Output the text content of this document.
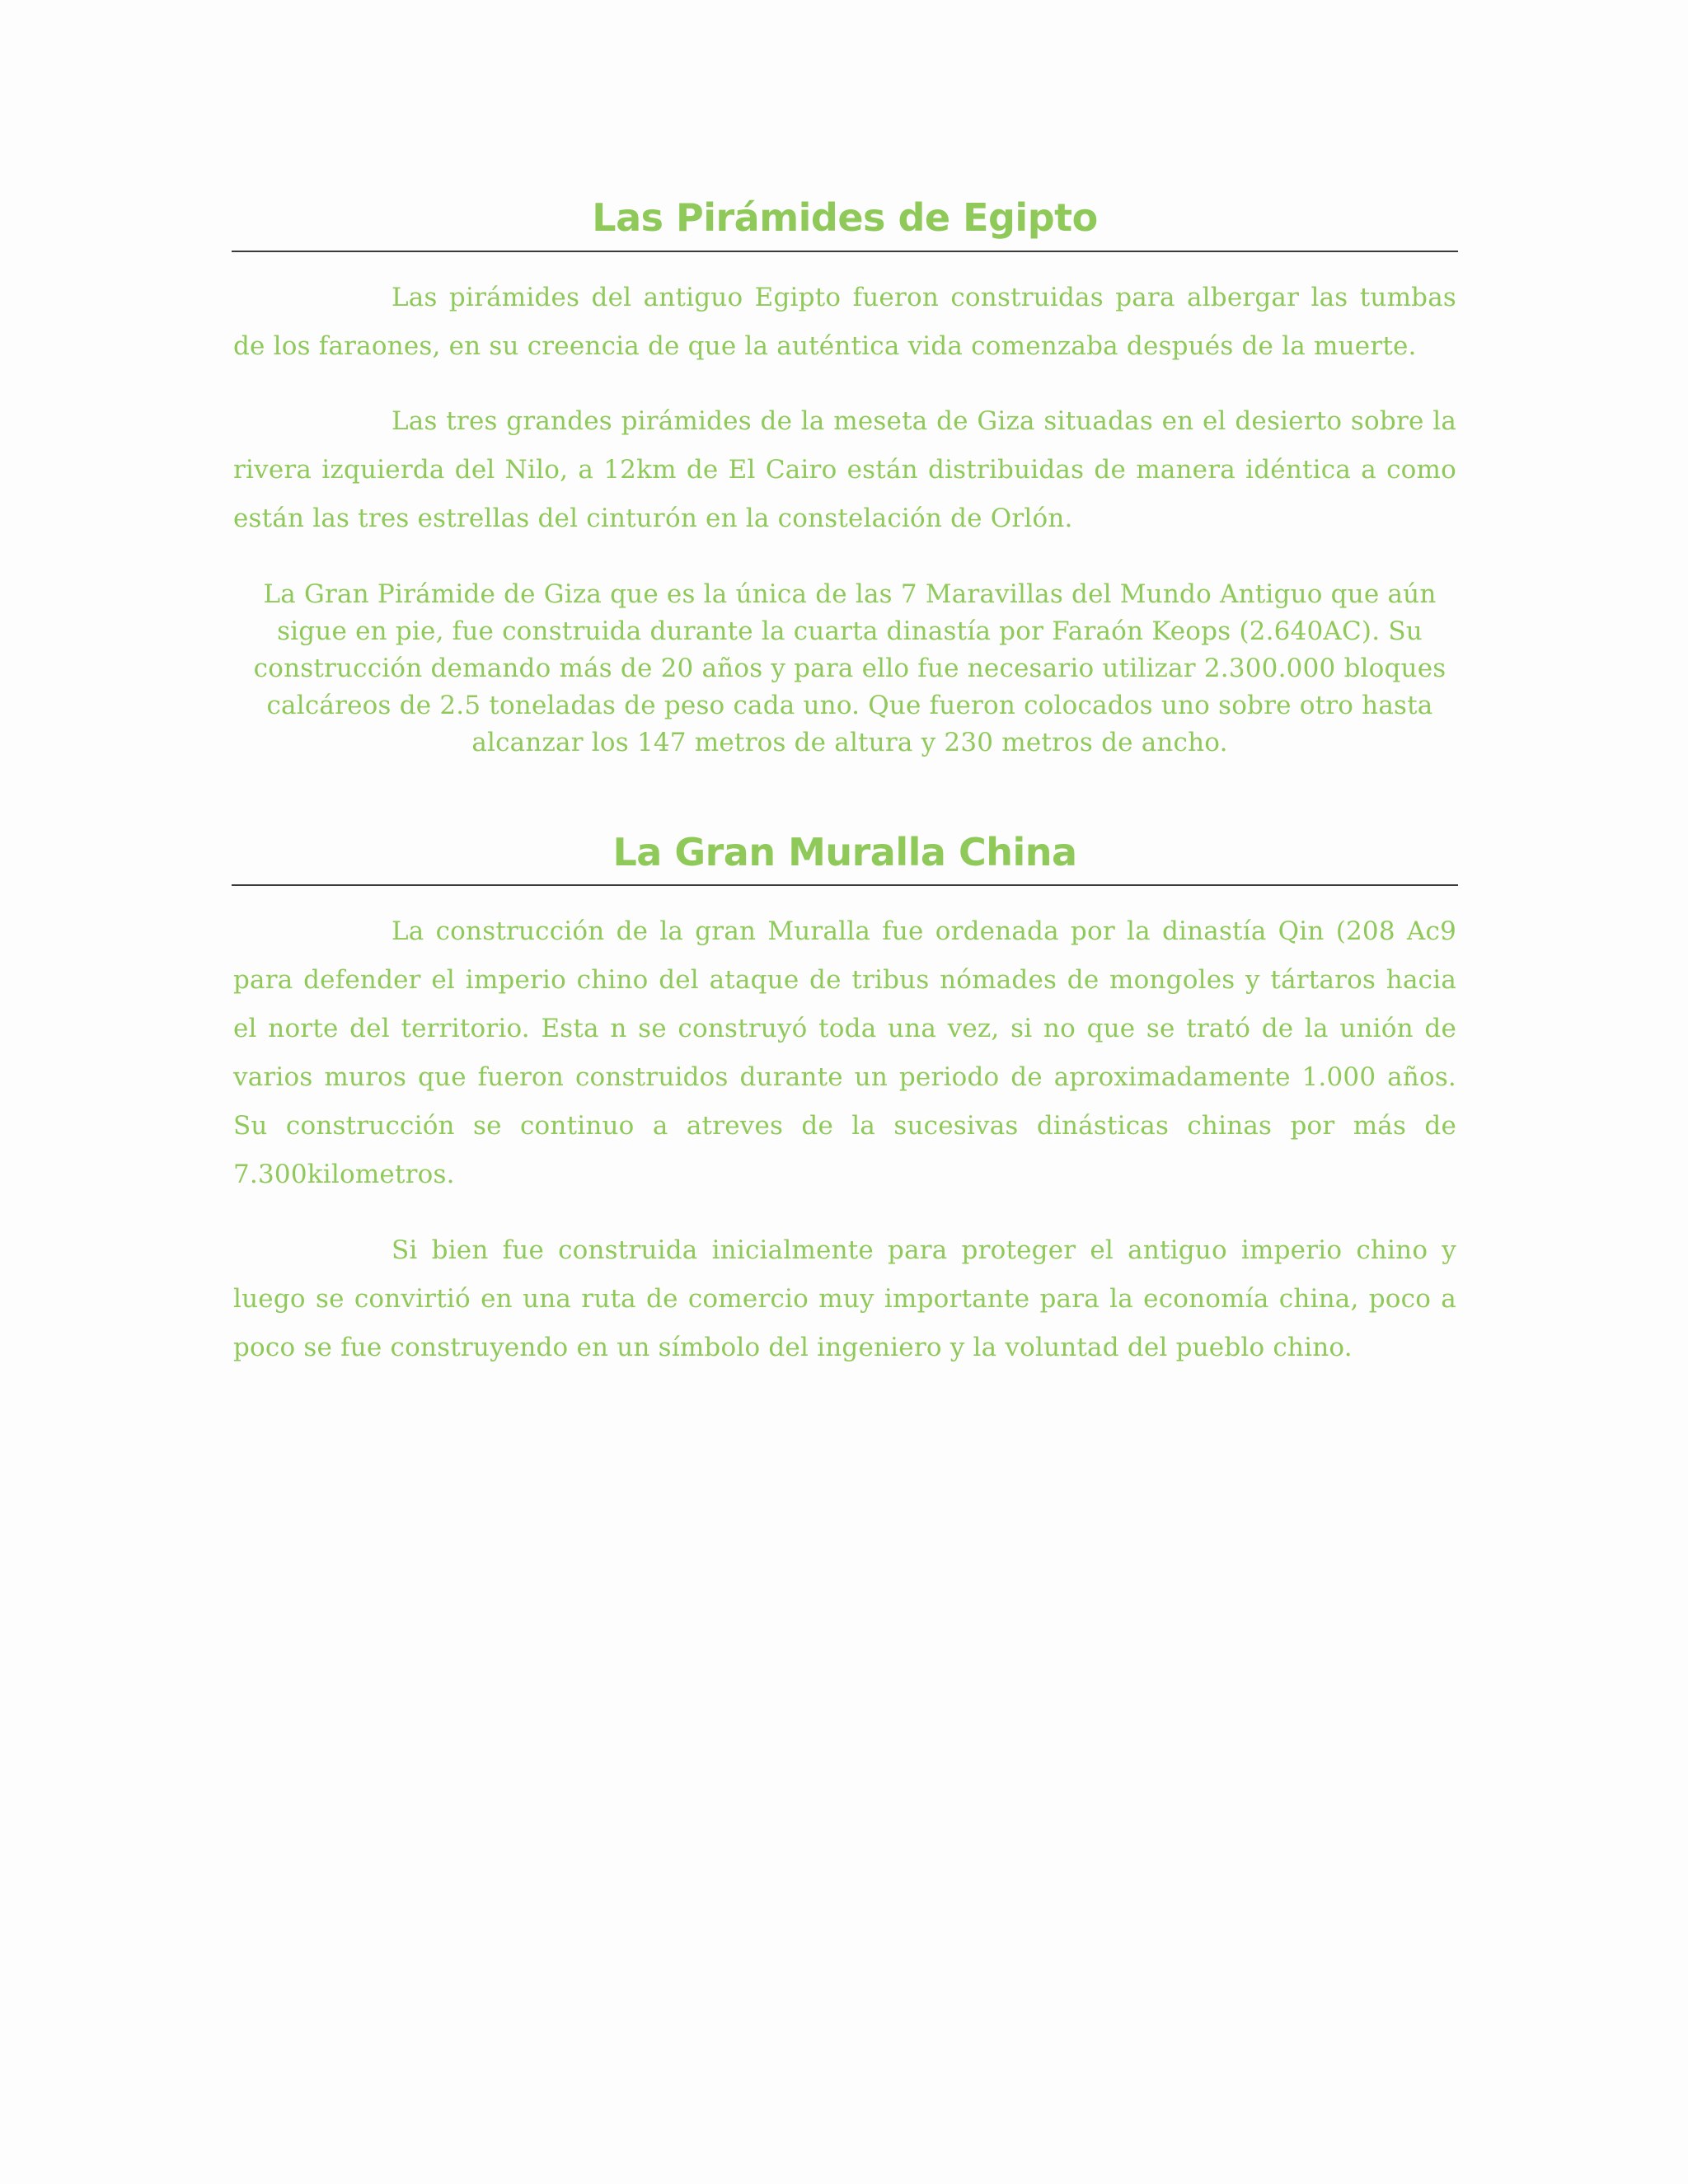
Las Pirámides de Egipto

Las pirámides del antiguo Egipto fueron construidas para albergar las tumbas de los faraones, en su creencia de que la auténtica vida comenzaba después de la muerte.

Las tres grandes pirámides de la meseta de Giza situadas en el desierto sobre la rivera izquierda del Nilo, a 12km de El Cairo están distribuidas de manera idéntica a como están las tres estrellas del cinturón en la constelación de Orlón.

La Gran Pirámide de Giza que es la única de las 7 Maravillas del Mundo Antiguo que aún sigue en pie, fue construida durante la cuarta dinastía por Faraón Keops (2.640AC). Su construcción demando más de 20 años y para ello fue necesario utilizar 2.300.000 bloques calcáreos de 2.5 toneladas de peso cada uno. Que fueron colocados uno sobre otro hasta alcanzar los 147 metros de altura y 230 metros de ancho.

La Gran Muralla China

La construcción de la gran Muralla fue ordenada por la dinastía Qin (208 Ac9 para defender el imperio chino del ataque de tribus nómades de mongoles y tártaros hacia el norte del territorio. Esta n se construyó toda una vez, si no que se trató de la unión de varios muros que fueron construidos durante un periodo de aproximadamente 1.000 años. Su construcción se continuo a atreves de la sucesivas dinásticas chinas por más de 7.300kilometros.

Si bien fue construida inicialmente para proteger el antiguo imperio chino y luego se convirtió en una ruta de comercio muy importante para la economía china, poco a poco se fue construyendo en un símbolo del ingeniero y la voluntad del pueblo chino.
